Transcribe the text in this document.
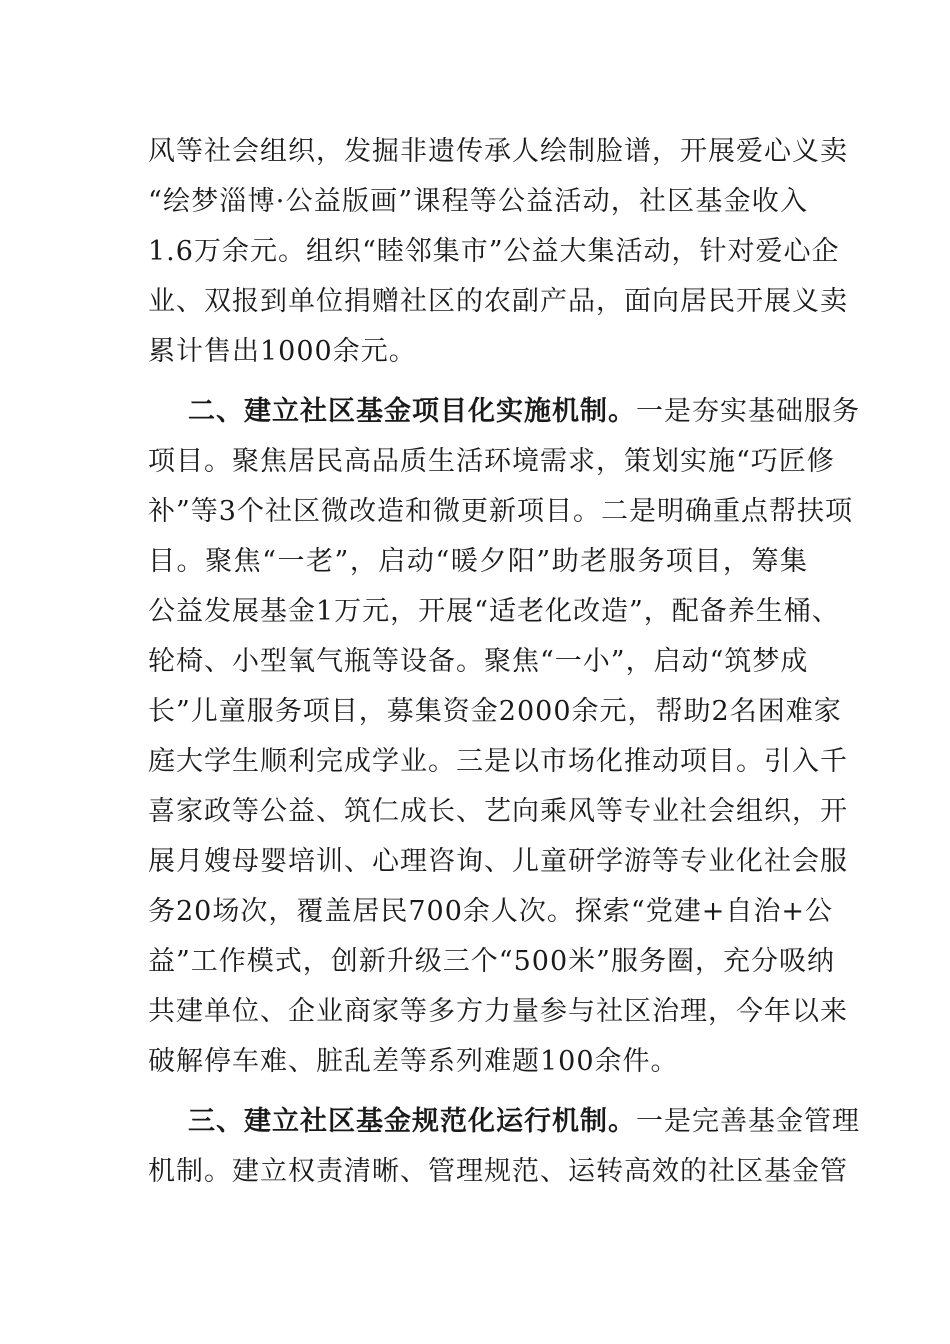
风等社会组织，发掘非遗传承人绘制脸谱，开展爱心义卖
“绘梦淄博·公益版画”课程等公益活动，社区基金收入
1.6万余元。组织“睦邻集市”公益大集活动，针对爱心企
业、双报到单位捐赠社区的农副产品，面向居民开展义卖
累计售出1000余元。
二、建立社区基金项目化实施机制。一是夯实基础服务
项目。聚焦居民高品质生活环境需求，策划实施“巧匠修
补”等3个社区微改造和微更新项目。二是明确重点帮扶项
目。聚焦“一老”，启动“暖夕阳”助老服务项目，筹集
公益发展基金1万元，开展“适老化改造”，配备养生桶、
轮椅、小型氧气瓶等设备。聚焦“一小”，启动“筑梦成
长”儿童服务项目，募集资金2000余元，帮助2名困难家
庭大学生顺利完成学业。三是以市场化推动项目。引入千
喜家政等公益、筑仁成长、艺向乘风等专业社会组织，开
展月嫂母婴培训、心理咨询、儿童研学游等专业化社会服
务20场次，覆盖居民700余人次。探索“党建+自治+公
益”工作模式，创新升级三个“500米”服务圈，充分吸纳
共建单位、企业商家等多方力量参与社区治理，今年以来
破解停车难、脏乱差等系列难题100余件。
三、建立社区基金规范化运行机制。一是完善基金管理
机制。建立权责清晰、管理规范、运转高效的社区基金管
